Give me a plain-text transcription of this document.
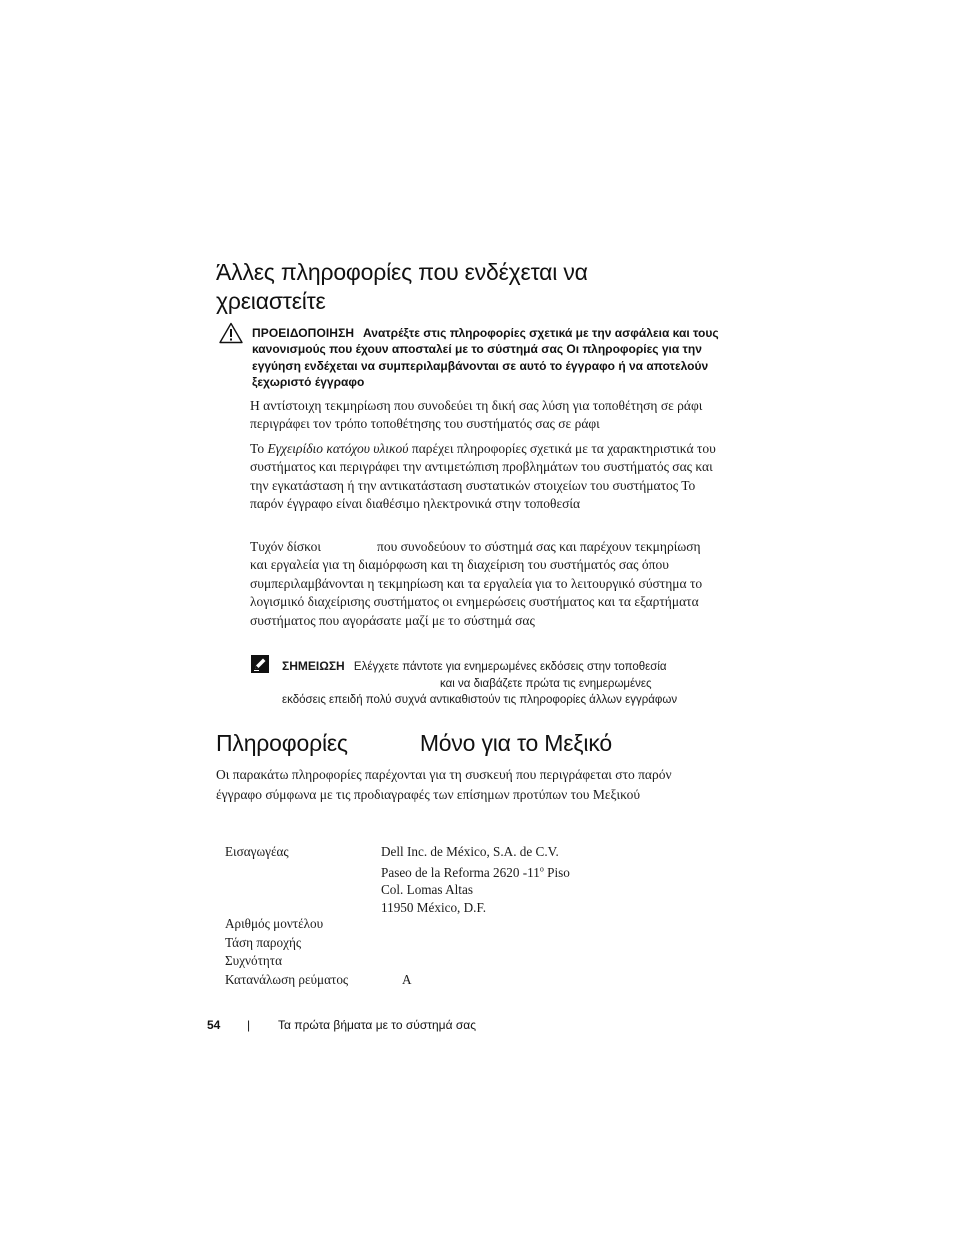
Άλλες πληροφορίες που ενδέχεται να
χρειαστείτε
ΠΡΟΕΙΔΟΠΟΙΗΣΗ Ανατρέξτε στις πληροφορίες σχετικά με την ασφάλεια και τους κανονισμούς που έχουν αποσταλεί με το σύστημά σας Οι πληροφορίες για την εγγύηση ενδέχεται να συμπεριλαμβάνονται σε αυτό το έγγραφο ή να αποτελούν ξεχωριστό έγγραφο

Η αντίστοιχη τεκμηρίωση που συνοδεύει τη δική σας λύση για τοποθέτηση σε ράφι περιγράφει τον τρόπο τοποθέτησης του συστήματός σας σε ράφι

Το Εγχειρίδιο κατόχου υλικού παρέχει πληροφορίες σχετικά με τα χαρακτηριστικά του συστήματος και περιγράφει την αντιμετώπιση προβλημάτων του συστήματός σας και την εγκατάσταση ή την αντικατάσταση συστατικών στοιχείων του συστήματος Το παρόν έγγραφο είναι διαθέσιμο ηλεκτρονικά στην τοποθεσία

Τυχόν δίσκοι	που συνοδεύουν το σύστημά σας και παρέχουν τεκμηρίωση και εργαλεία για τη διαμόρφωση και τη διαχείριση του συστήματός σας όπου συμπεριλαμβάνονται η τεκμηρίωση και τα εργαλεία για το λειτουργικό σύστημα το λογισμικό διαχείρισης συστήματος οι ενημερώσεις συστήματος και τα εξαρτήματα συστήματος που αγοράσατε μαζί με το σύστημά σας

ΣΗΜΕΙΩΣΗ Ελέγχετε πάντοτε για ενημερωμένες εκδόσεις στην τοποθεσία
και να διαβάζετε πρώτα τις ενημερωμένες
εκδόσεις επειδή πολύ συχνά αντικαθιστούν τις πληροφορίες άλλων εγγράφων
Πληροφορίες	Μόνο για το Μεξικό

Οι παρακάτω πληροφορίες παρέχονται για τη συσκευή που περιγράφεται στο παρόν έγγραφο σύμφωνα με τις προδιαγραφές των επίσημων προτύπων του Μεξικού

Εισαγωγέας	Dell Inc. de México, S.A. de C.V.
Paseo de la Reforma 2620 -11$^o$ Piso
Col. Lomas Altas
11950 México, D.F.
Αριθμός μοντέλου
Τάση παροχής
Συχνότητα
Κατανάλωση ρεύματος	A
54 | Τα πρώτα βήματα με το σύστημά σας
